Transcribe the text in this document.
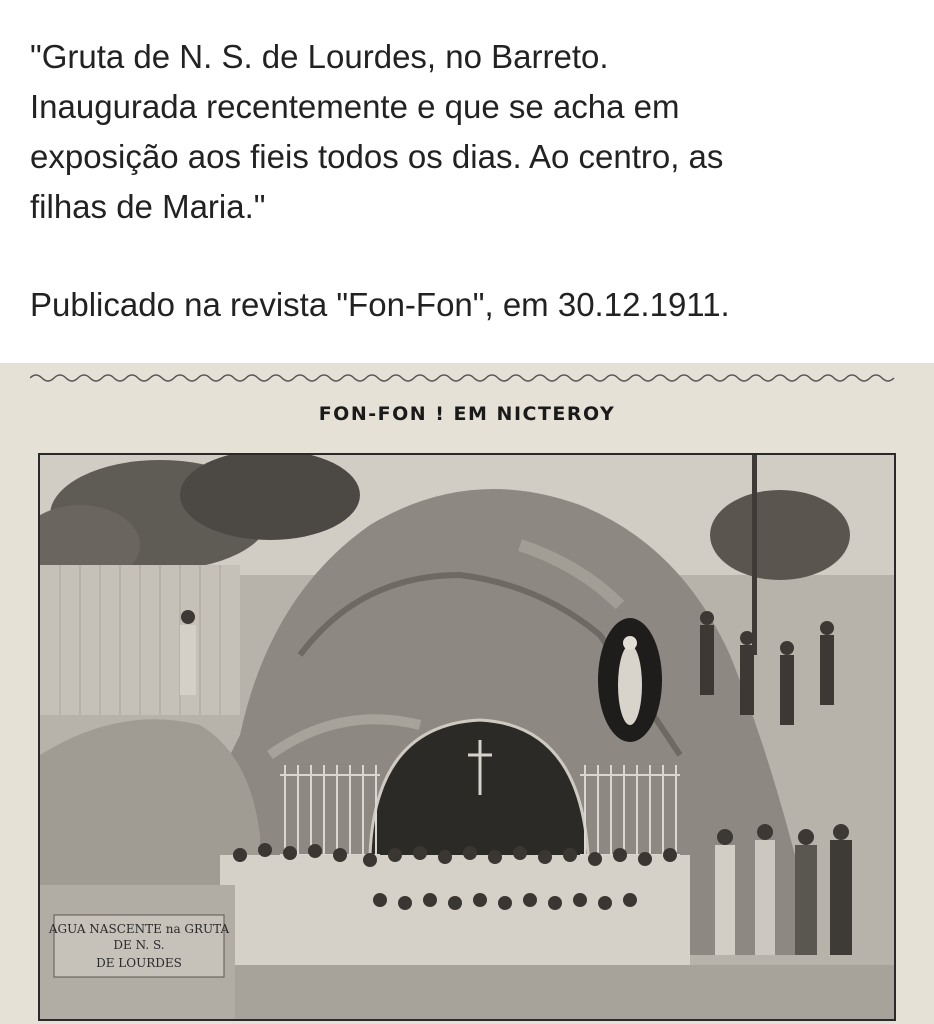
"Gruta de N. S. de Lourdes, no Barreto.
Inaugurada recentemente e que se acha em
exposição aos fieis todos os dias. Ao centro, as
filhas de Maria."
Publicado na revista "Fon-Fon", em 30.12.1911.
FON-FON ! EM NICTEROY
AGUA NASCENTE na GRUTA
DE N. S.
DE LOURDES
